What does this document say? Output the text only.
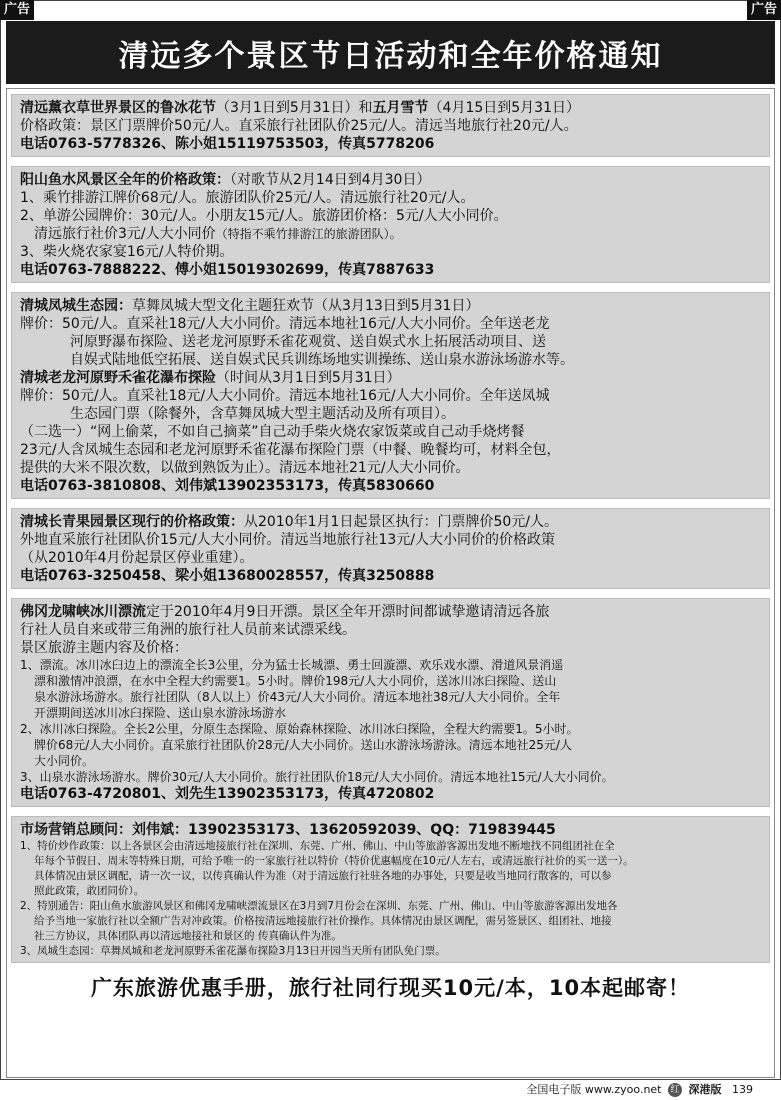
广告	广告
清远多个景区节日活动和全年价格通知

清远薰衣草世界景区的鲁冰花节（3月1日到5月31日）和五月雪节（4月15日到5月31日）

价格政策：景区门票牌价50元/人。直采旅行社团队价25元/人。清远当地旅行社20元/人。

电话0763-5778326、陈小姐15119753503，传真5778206

阳山鱼水风景区全年的价格政策：（对歌节从2月14日到4月30日）

1、乘竹排游江牌价68元/人。旅游团队价25元/人。清远旅行社20元/人。

2、单游公园牌价：30元/人。小朋友15元/人。旅游团价格：5元/人大小同价。

清远旅行社价3元/人大小同价（特指不乘竹排游江的旅游团队）。

3、柴火烧农家宴16元/人特价期。

电话0763-7888222、傅小姐15019302699，传真7887633

清城凤城生态园：草舞凤城大型文化主题狂欢节（从3月13日到5月31日）

牌价：50元/人。直采社18元/人大小同价。清远本地社16元/人大小同价。全年送老龙

河原野瀑布探险、送老龙河原野禾雀花观赏、送自娱式水上拓展活动项目、送

自娱式陆地低空拓展、送自娱式民兵训练场地实训操练、送山泉水游泳场游水等。

清城老龙河原野禾雀花瀑布探险（时间从3月1日到5月31日）

牌价：50元/人。直采社18元/人大小同价。清远本地社16元/人大小同价。全年送凤城

生态园门票（除餐外，含草舞凤城大型主题活动及所有项目）。

（二选一）“网上偷菜，不如自己摘菜”自己动手柴火烧农家饭菜或自己动手烧烤餐

23元/人含凤城生态园和老龙河原野禾雀花瀑布探险门票（中餐、晚餐均可，材料全包，

提供的大米不限次数，以做到熟饭为止）。清远本地社21元/人大小同价。

电话0763-3810808、刘伟斌13902353173，传真5830660

清城长青果园景区现行的价格政策：从2010年1月1日起景区执行：门票牌价50元/人。

外地直采旅行社团队价15元/人大小同价。清远当地旅行社13元/人大小同价的价格政策

（从2010年4月份起景区停业重建）。

电话0763-3250458、梁小姐13680028557，传真3250888

佛冈龙啸峡冰川漂流定于2010年4月9日开漂。景区全年开漂时间都诚挚邀请清远各旅

行社人员自来或带三角洲的旅行社人员前来试漂采线。

景区旅游主题内容及价格：

1、漂流。冰川冰臼边上的漂流全长3公里，分为猛士长城漂、勇士回漩漂、欢乐戏水漂、滑道风景消遥

漂和激情冲浪漂，在水中全程大约需要1。5小时。牌价198元/人大小同价，送冰川冰臼探险、送山

泉水游泳场游水。旅行社团队（8人以上）价43元/人大小同价。清远本地社38元/人大小同价。全年

开漂期间送冰川冰臼探险、送山泉水游泳场游水

2、冰川冰臼探险。全长2公里，分原生态探险、原始森林探险、冰川冰臼探险，全程大约需要1。5小时。

牌价68元/人大小同价。直采旅行社团队价28元/人大小同价。送山水游泳场游泳。清远本地社25元/人

大小同价。

3、山泉水游泳场游水。牌价30元/人大小同价。旅行社团队价18元/人大小同价。清远本地社15元/人大小同价。

电话0763-4720801、刘先生13902353173，传真4720802

市场营销总顾问：刘伟斌：13902353173、13620592039、QQ：719839445

1、特价炒作政策：以上各景区会由清远地接旅行社在深圳、东莞、广州、佛山、中山等旅游客源出发地不断地找不同组团社在全

年每个节假日、周末等特殊日期，可给予唯一的一家旅行社以特价（特价优惠幅度在10元/人左右，或清远旅行社价的买一送一）。

具体情况由景区调配，请一次一议，以传真确认件为准（对于清远旅行社驻各地的办事处，只要是收当地同行散客的，可以参

照此政策，敢团同价）。

2、特别通告：阳山鱼水旅游风景区和佛冈龙啸峡漂流景区在3月到7月份会在深圳、东莞、广州、佛山、中山等旅游客源出发地各

给予当地一家旅行社以全额广告对冲政策。价格按清远地接旅行社价操作。具体情况由景区调配，需另签景区、组团社、地接

社三方协议，具体团队再以清远地接社和景区的 传真确认件为准。

3、凤城生态园：草舞凤城和老龙河原野禾雀花瀑布探险3月13日开园当天所有团队免门票。

广东旅游优惠手册，旅行社同行现买10元/本，10本起邮寄！

全国电子版 www.zyoo.net 红 深港版 139
